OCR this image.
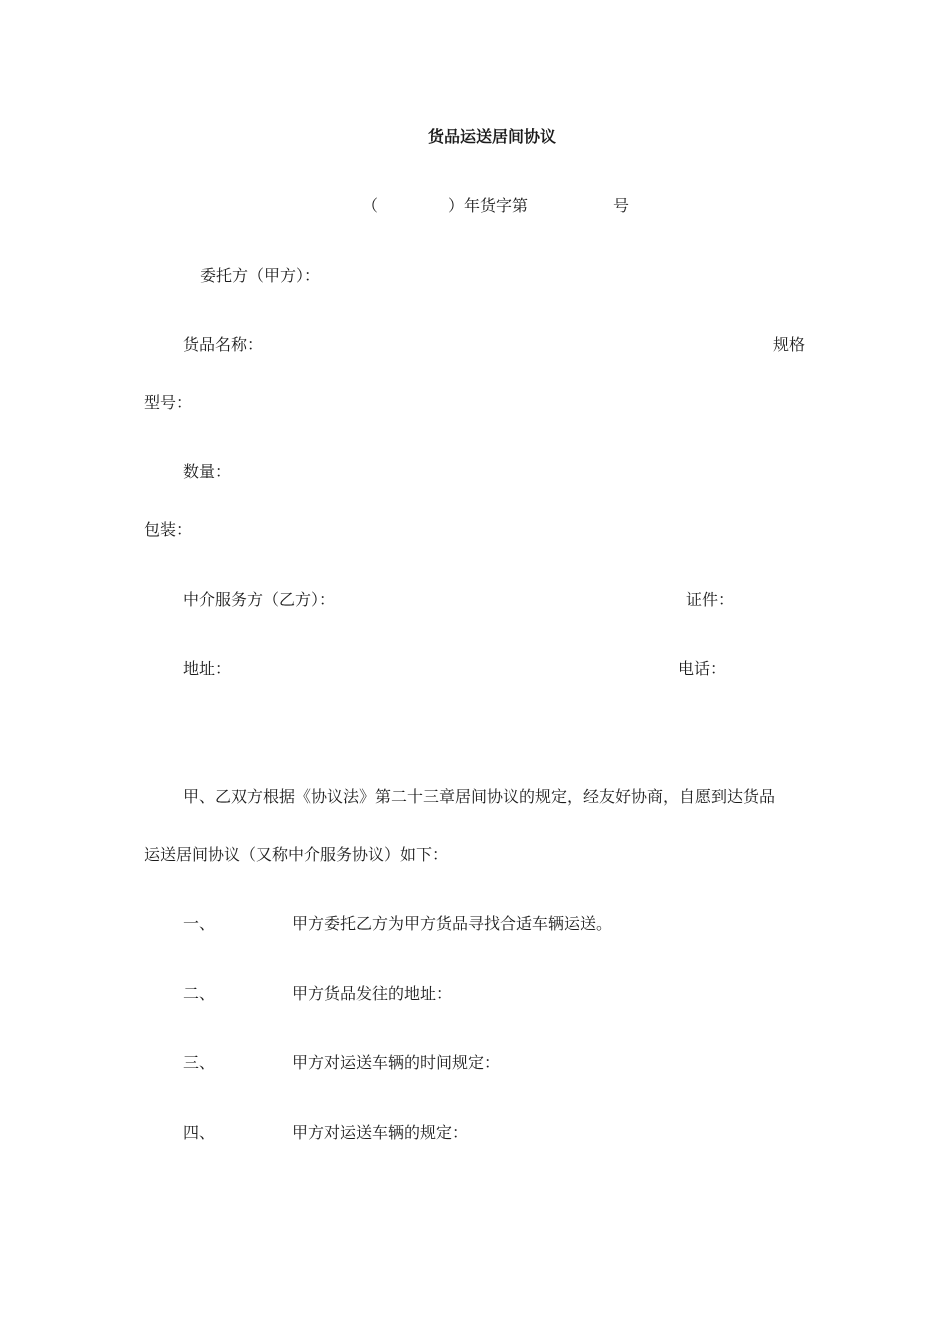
货品运送居间协议
（	）年货字第	号
委托方（甲方）：
货品名称：	规格
型号：
数量：
包装：
中介服务方（乙方）：	证件：
地址：	电话：
甲、乙双方根据《协议法》第二十三章居间协议的规定，经友好协商，自愿到达货品
运送居间协议（又称中介服务协议）如下：
一、	甲方委托乙方为甲方货品寻找合适车辆运送。
二、	甲方货品发往的地址：
三、	甲方对运送车辆的时间规定：
四、	甲方对运送车辆的规定：
